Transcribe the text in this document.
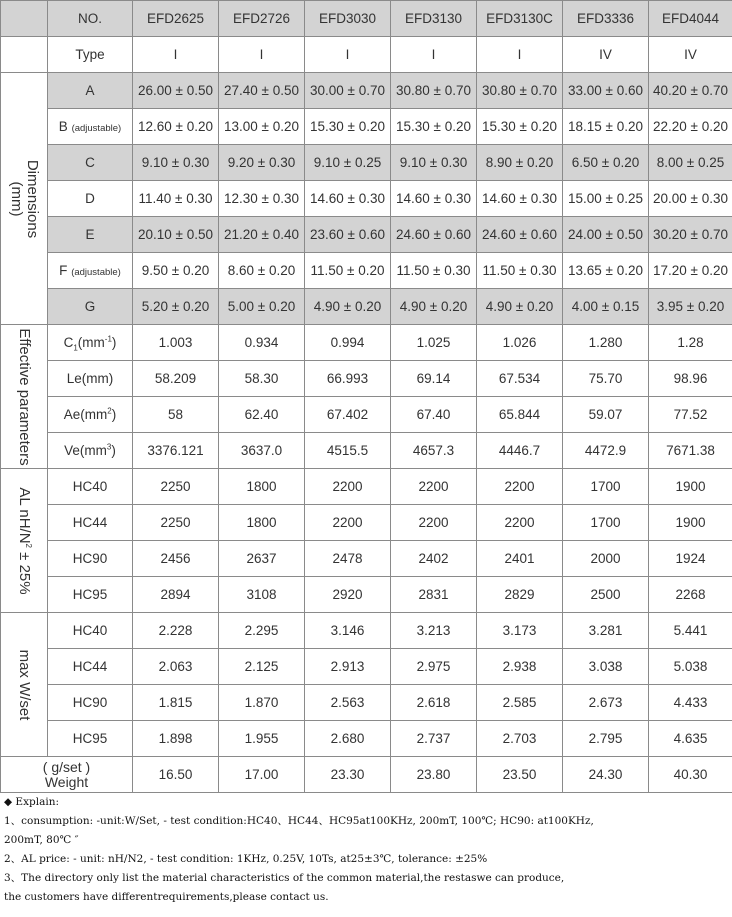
	NO.	EFD2625	EFD2726	EFD3030	EFD3130	EFD3130C	EFD3336	EFD4044
	Type	I	I	I	I	I	IV	IV

Dimensions
(mm)	A	26.00 ± 0.50	27.40 ± 0.50	30.00 ± 0.70	30.80 ± 0.70	30.80 ± 0.70	33.00 ± 0.60	40.20 ± 0.70
	B (adjustable)	12.60 ± 0.20	13.00 ± 0.20	15.30 ± 0.20	15.30 ± 0.20	15.30 ± 0.20	18.15 ± 0.20	22.20 ± 0.20
	C	9.10 ± 0.30	9.20 ± 0.30	9.10 ± 0.25	9.10 ± 0.30	8.90 ± 0.20	6.50 ± 0.20	8.00 ± 0.25
	D	11.40 ± 0.30	12.30 ± 0.30	14.60 ± 0.30	14.60 ± 0.30	14.60 ± 0.30	15.00 ± 0.25	20.00 ± 0.30
	E	20.10 ± 0.50	21.20 ± 0.40	23.60 ± 0.60	24.60 ± 0.60	24.60 ± 0.60	24.00 ± 0.50	30.20 ± 0.70
	F (adjustable)	9.50 ± 0.20	8.60 ± 0.20	11.50 ± 0.20	11.50 ± 0.30	11.50 ± 0.30	13.65 ± 0.20	17.20 ± 0.20
	G	5.20 ± 0.20	5.00 ± 0.20	4.90 ± 0.20	4.90 ± 0.20	4.90 ± 0.20	4.00 ± 0.15	3.95 ± 0.20

Effective parameters	$C_1(mm^{-1})$	1.003	0.934	0.994	1.025	1.026	1.280	1.28
	Le(mm)	58.209	58.30	66.993	69.14	67.534	75.70	98.96
	$Ae(mm^2)$	58	62.40	67.402	67.40	65.844	59.07	77.52
	$Ve(mm^3)$	3376.121	3637.0	4515.5	4657.3	4446.7	4472.9	7671.38

AL $nH/N^2 \pm 25\%$	HC40	2250	1800	2200	2200	2200	1700	1900
	HC44	2250	1800	2200	2200	2200	1700	1900
	HC90	2456	2637	2478	2402	2401	2000	1924
	HC95	2894	3108	2920	2831	2829	2500	2268

max W/set	HC40	2.228	2.295	3.146	3.213	3.173	3.281	5.441
	HC44	2.063	2.125	2.913	2.975	2.938	3.038	5.038
	HC90	1.815	1.870	2.563	2.618	2.585	2.673	4.433
	HC95	1.898	1.955	2.680	2.737	2.703	2.795	4.635
( g/set )
Weight		16.50	17.00	23.30	23.80	23.50	24.30	40.30
◆ Explain:
1、consumption: -unit:W/Set, - test condition:HC40、HC44、HC95at100KHz, 200mT, 100℃; HC90: at100KHz,
200mT, 80℃ ″
2、AL price: - unit: nH/N2, - test condition: 1KHz, 0.25V, 10Ts, at25±3℃, tolerance: ±25%
3、The directory only list the material characteristics of the common material,the restaswe can produce,
the customers have differentrequirements,please contact us.
